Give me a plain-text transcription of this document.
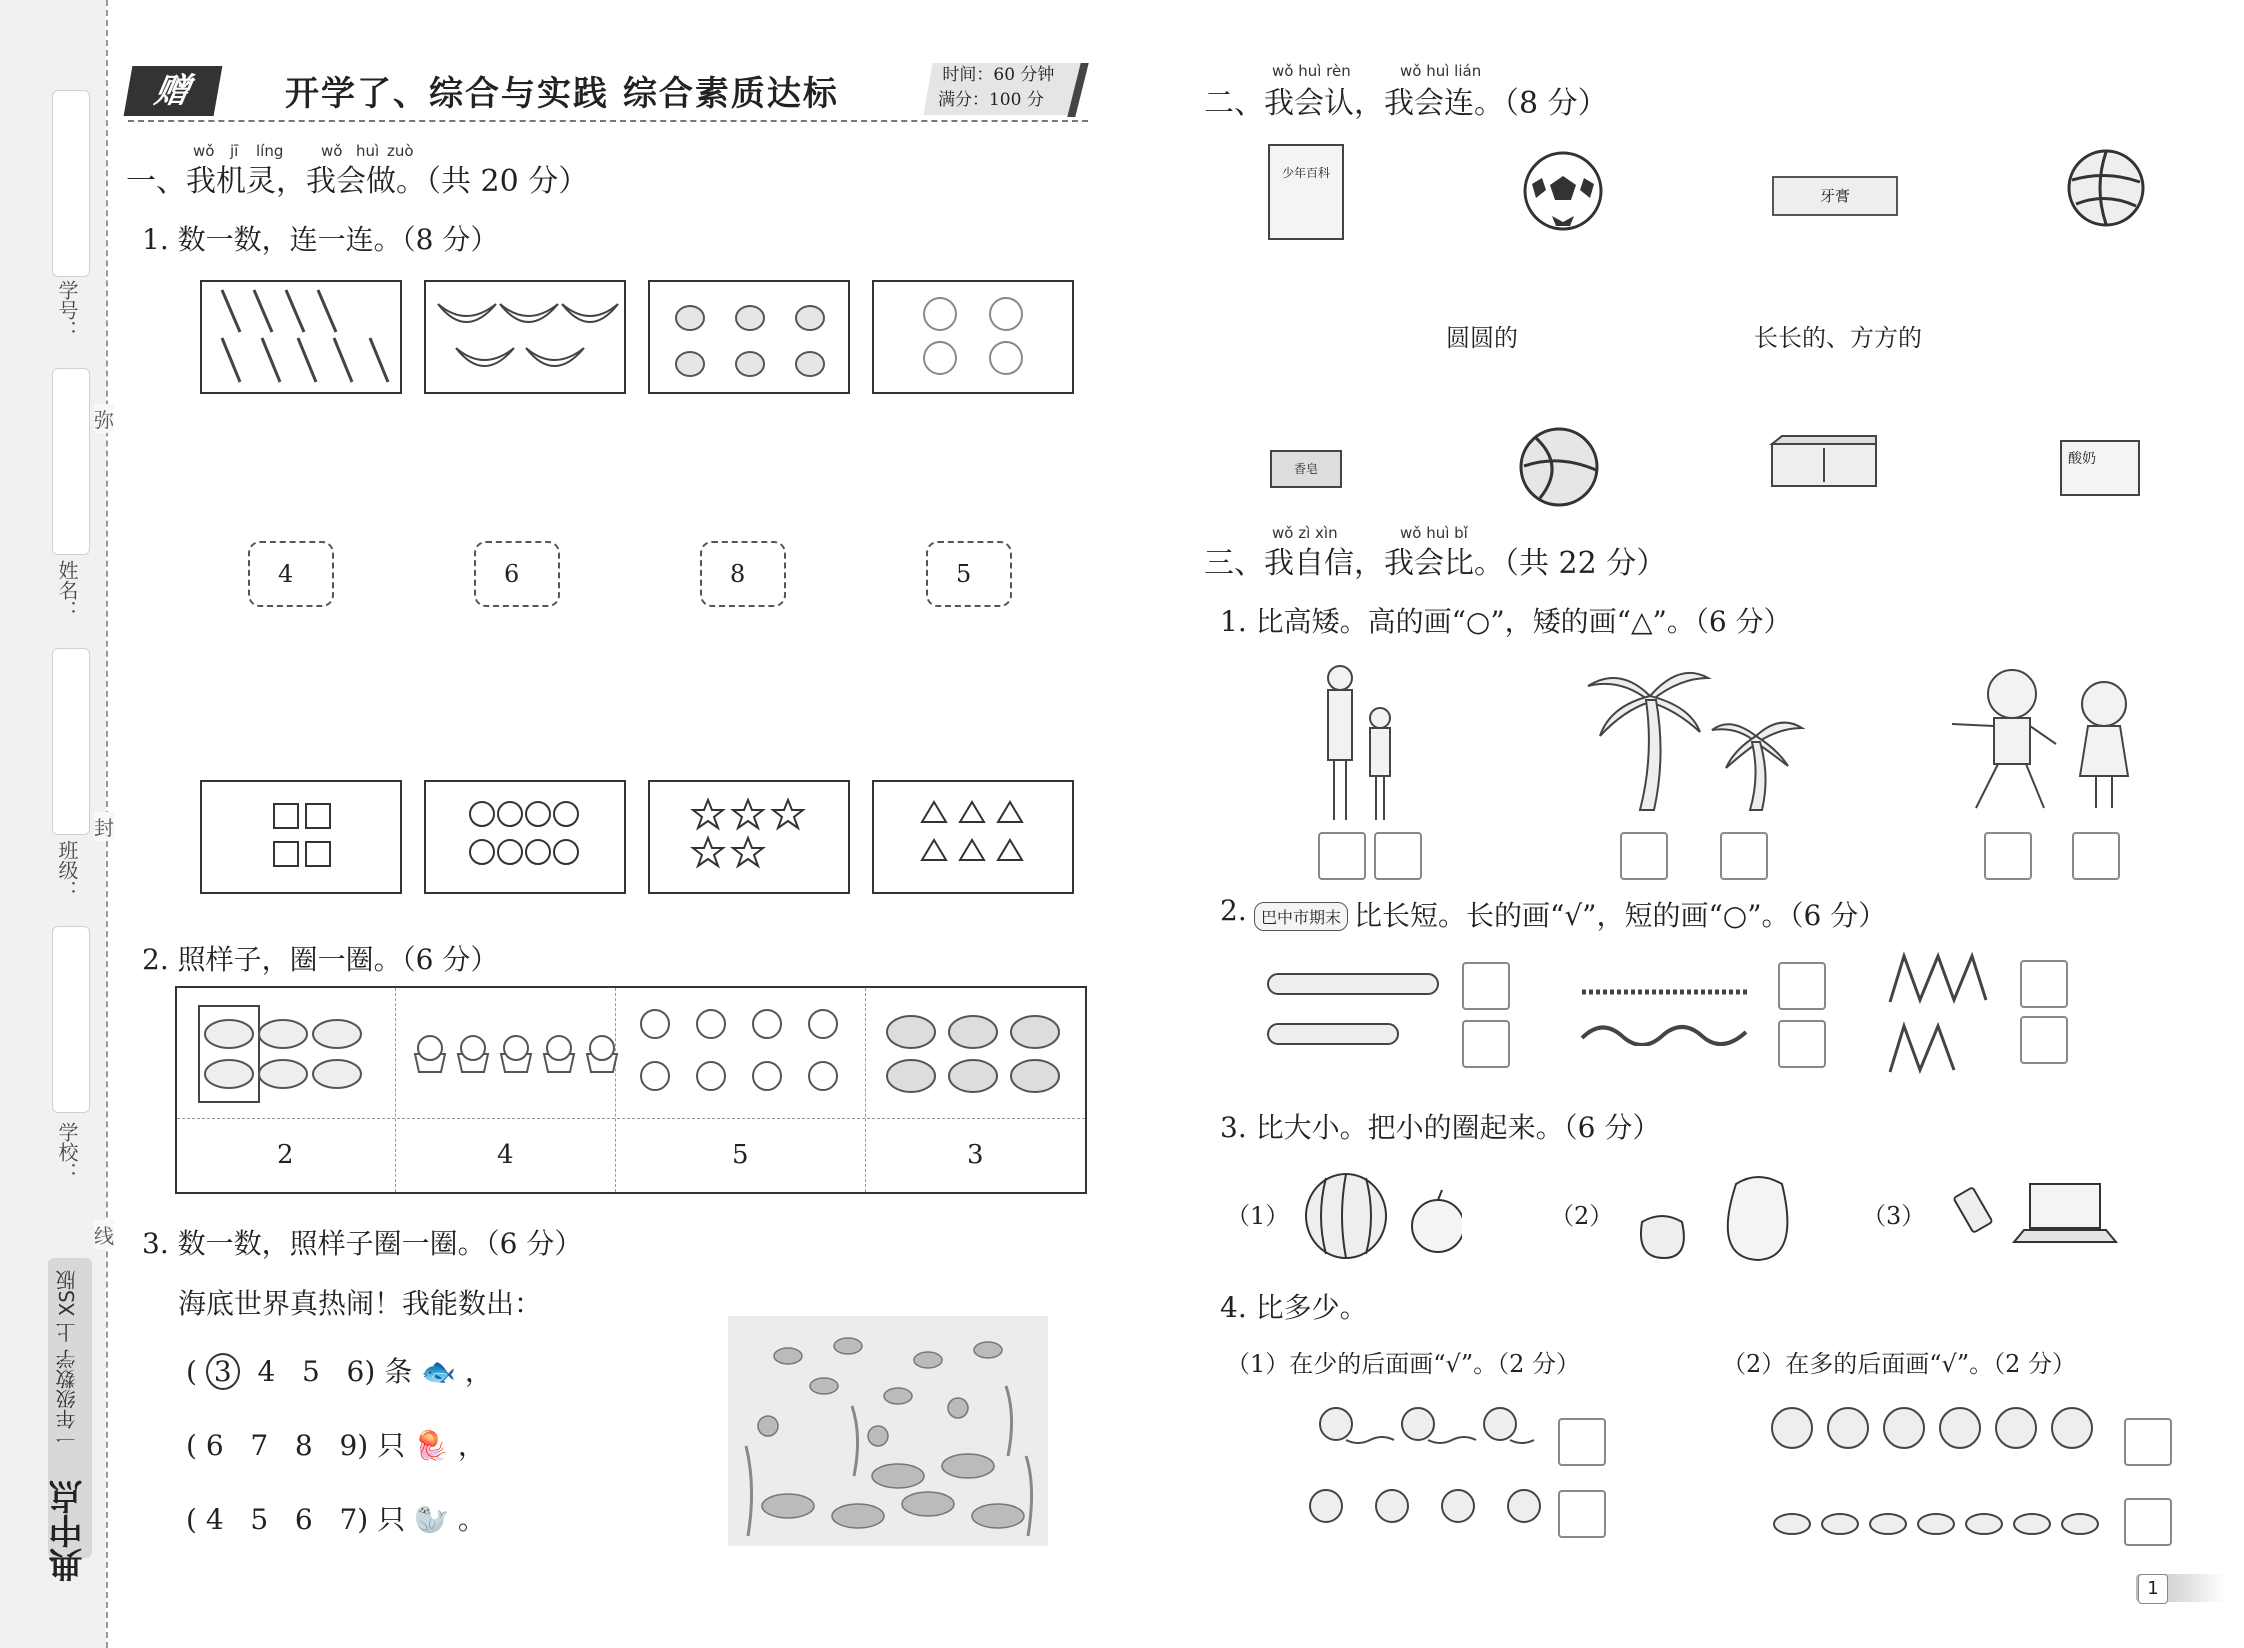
学号：
姓名：
班级：
学校：
弥
封
线
一年级数学 上 XS版
典中点
赠	开学了、综合与实践 综合素质达标	时间：60 分钟
满分：100 分
wǒ jī líng	wǒ huì zuò
一、我机灵，我会做。（共 20 分）
1. 数一数，连一连。（8 分）
4	6	8	5
2. 照样子，圈一圈。（6 分）
2	4	5	3
3. 数一数，照样子圈一圈。（6 分）
海底世界真热闹！我能数出：
( 3 4 5 6) 条 🐟 ，
( 6 7 8 9) 只 🪼 ，
( 4 5 6 7) 只 🦭 。
wǒ huì rèn	wǒ huì lián
二、我会认，我会连。（8 分）
少年百科
牙膏
圆圆的	长长的、方方的
香皂
酸奶
wǒ zì xìn	wǒ huì bǐ
三、我自信，我会比。（共 22 分）
1. 比高矮。高的画“○”，矮的画“△”。（6 分）
2. 巴中市期末 比长短。长的画“√”，短的画“○”。（6 分）
3. 比大小。把小的圈起来。（6 分）
（1）	（2）	（3）
4. 比多少。
（1）在少的后面画“√”。（2 分）	（2）在多的后面画“√”。（2 分）
1
